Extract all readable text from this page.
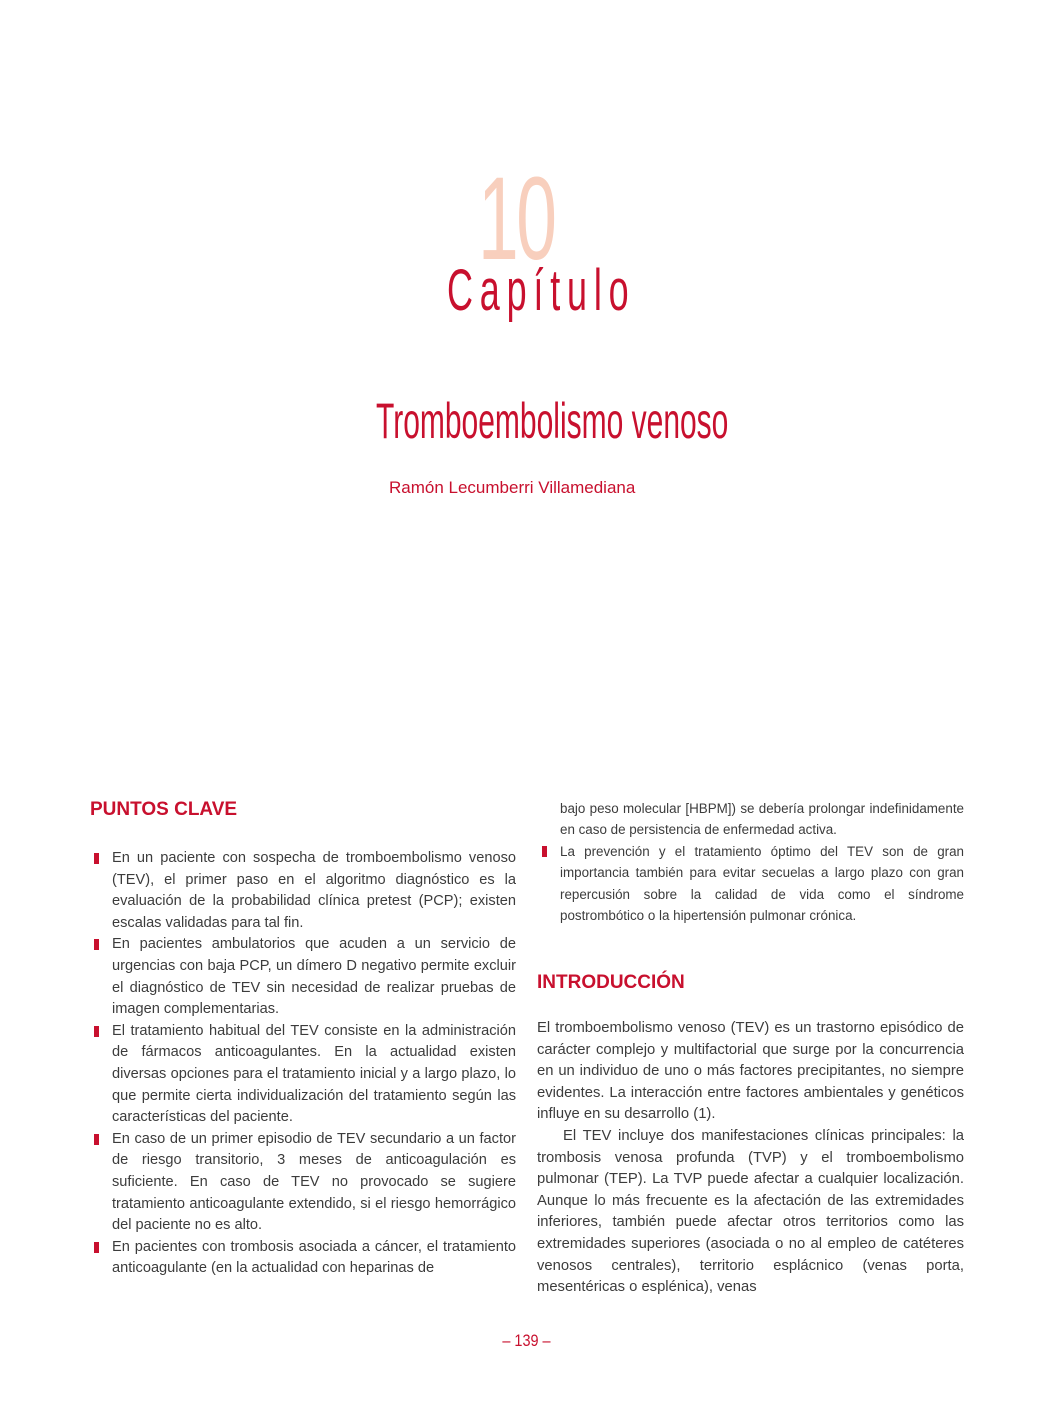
10
Capítulo
Tromboembolismo venoso
Ramón Lecumberri Villamediana
PUNTOS CLAVE
En un paciente con sospecha de tromboembolismo venoso (TEV), el primer paso en el algoritmo diagnóstico es la evaluación de la probabilidad clínica pretest (PCP); existen escalas validadas para tal fin.
En pacientes ambulatorios que acuden a un servicio de urgencias con baja PCP, un dímero D negativo permite excluir el diagnóstico de TEV sin necesidad de realizar pruebas de imagen complementarias.
El tratamiento habitual del TEV consiste en la administración de fármacos anticoagulantes. En la actualidad existen diversas opciones para el tratamiento inicial y a largo plazo, lo que permite cierta individualización del tratamiento según las características del paciente.
En caso de un primer episodio de TEV secundario a un factor de riesgo transitorio, 3 meses de anticoagulación es suficiente. En caso de TEV no provocado se sugiere tratamiento anticoagulante extendido, si el riesgo hemorrágico del paciente no es alto.
En pacientes con trombosis asociada a cáncer, el tratamiento anticoagulante (en la actualidad con heparinas de
bajo peso molecular [HBPM]) se debería prolongar indefinidamente en caso de persistencia de enfermedad activa.
La prevención y el tratamiento óptimo del TEV son de gran importancia también para evitar secuelas a largo plazo con gran repercusión sobre la calidad de vida como el síndrome postrombótico o la hipertensión pulmonar crónica.
INTRODUCCIÓN

El tromboembolismo venoso (TEV) es un trastorno episódico de carácter complejo y multifactorial que surge por la concurrencia en un individuo de uno o más factores precipitantes, no siempre evidentes. La interacción entre factores ambientales y genéticos influye en su desarrollo (1).

El TEV incluye dos manifestaciones clínicas principales: la trombosis venosa profunda (TVP) y el tromboembolismo pulmonar (TEP). La TVP puede afectar a cualquier localización. Aunque lo más frecuente es la afectación de las extremidades inferiores, también puede afectar otros territorios como las extremidades superiores (asociada o no al empleo de catéteres venosos centrales), territorio esplácnico (venas porta, mesentéricas o esplénica), venas

– 139 –
